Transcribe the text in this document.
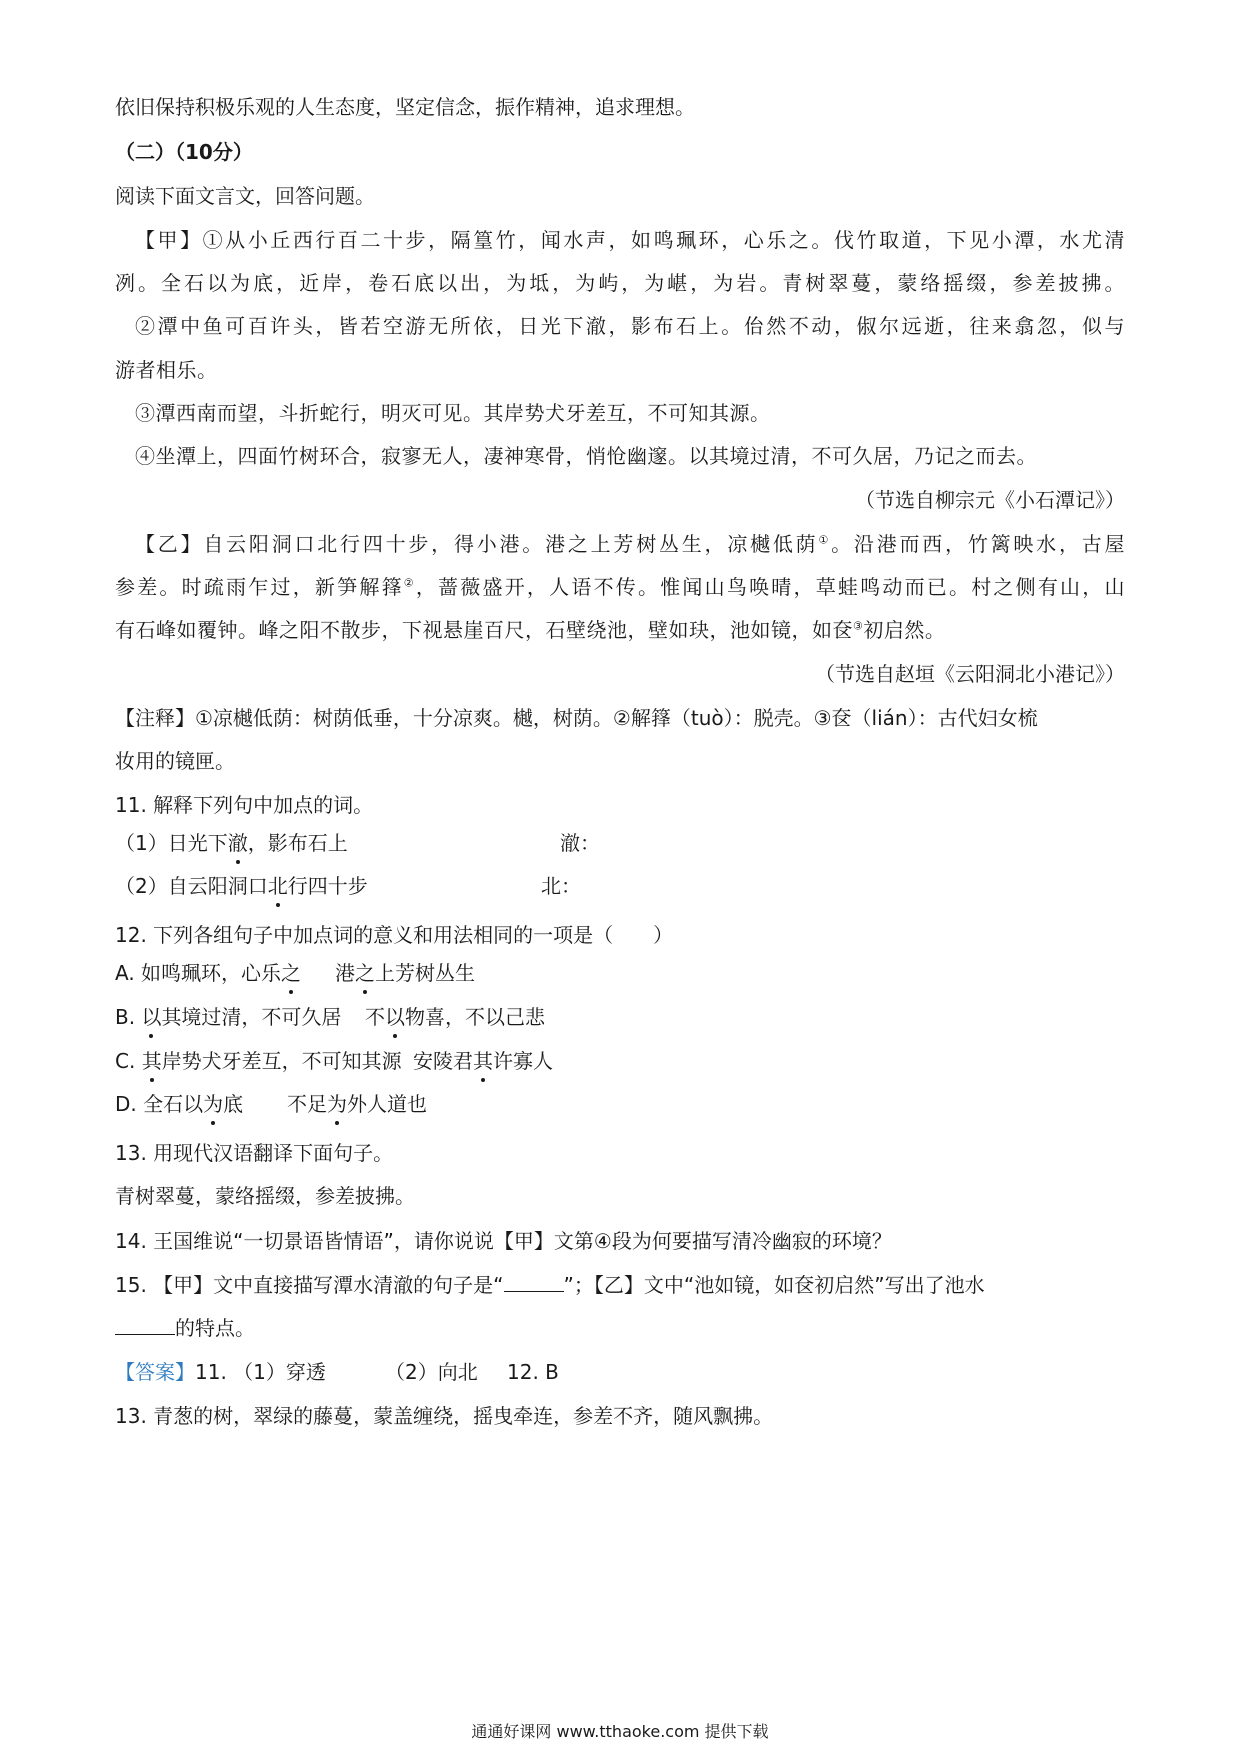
依旧保持积极乐观的人生态度，坚定信念，振作精神，追求理想。
（二）（10分）
阅读下面文言文，回答问题。
【甲】①从小丘西行百二十步，隔篁竹，闻水声，如鸣珮环，心乐之。伐竹取道，下见小潭，水尤清
冽。全石以为底，近岸，卷石底以出，为坻，为屿，为嵁，为岩。青树翠蔓，蒙络摇缀，参差披拂。
②潭中鱼可百许头，皆若空游无所依，日光下澈，影布石上。佁然不动，俶尔远逝，往来翕忽，似与
游者相乐。
③潭西南而望，斗折蛇行，明灭可见。其岸势犬牙差互，不可知其源。
④坐潭上，四面竹树环合，寂寥无人，凄神寒骨，悄怆幽邃。以其境过清，不可久居，乃记之而去。
（节选自柳宗元《小石潭记》）
【乙】自云阳洞口北行四十步，得小港。港之上芳树丛生，凉樾低荫①。沿港而西，竹篱映水，古屋
参差。时疏雨乍过，新笋解箨②，蔷薇盛开，人语不传。惟闻山鸟唤晴，草蛙鸣动而已。村之侧有山，山
有石峰如覆钟。峰之阳不散步，下视悬崖百尺，石壁绕池，壁如玦，池如镜，如奁③初启然。
（节选自赵垣《云阳洞北小港记》）
【注释】①凉樾低荫：树荫低垂，十分凉爽。樾，树荫。②解箨（tuò）：脱壳。③奁（lián）：古代妇女梳
妆用的镜匣。
11. 解释下列句中加点的词。
（1）日光下澈，影布石上	澈：
（2）自云阳洞口北行四十步	北：
12. 下列各组句子中加点词的意义和用法相同的一项是（　　）
A. 如鸣珮环，心乐之 港之上芳树丛生
B. 以其境过清，不可久居 不以物喜，不以己悲
C. 其岸势犬牙差互，不可知其源 安陵君其许寡人
D. 全石以为底 不足为外人道也
13. 用现代汉语翻译下面句子。
青树翠蔓，蒙络摇缀，参差披拂。
14. 王国维说“一切景语皆情语”，请你说说【甲】文第④段为何要描写清冷幽寂的环境？
15. 【甲】文中直接描写潭水清澈的句子是“	”；【乙】文中“池如镜，如奁初启然”写出了池水
的特点。
【答案】11. （1）穿透	（2）向北 12. B
13. 青葱的树，翠绿的藤蔓，蒙盖缠绕，摇曳牵连，参差不齐，随风飘拂。
通通好课网 www.tthaoke.com 提供下载
